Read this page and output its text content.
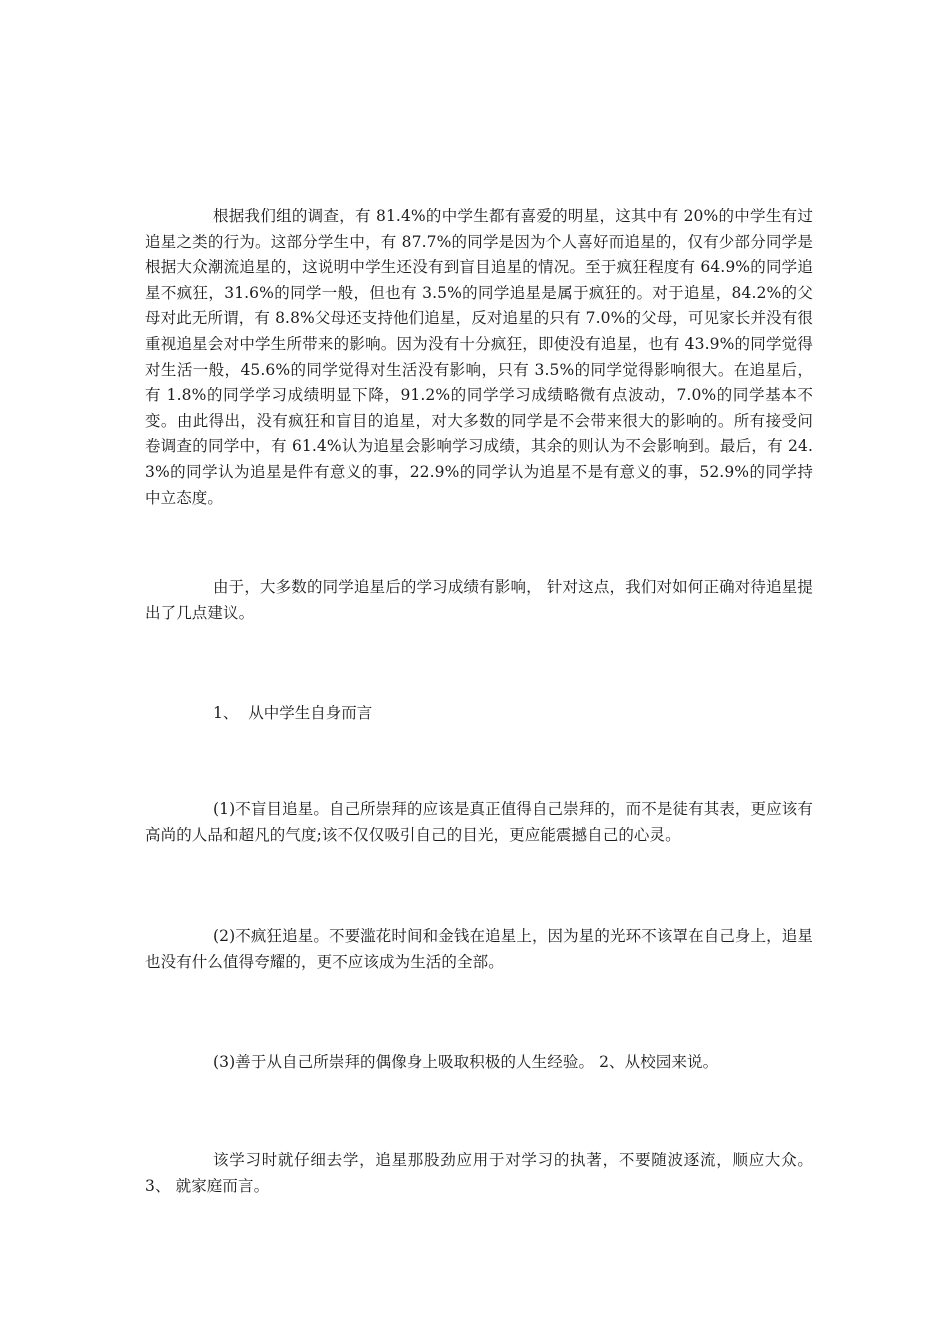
根据我们组的调查，有 81.4%的中学生都有喜爱的明星，这其中有 20%的中学生有过追星之类的行为。这部分学生中，有 87.7%的同学是因为个人喜好而追星的，仅有少部分同学是根据大众潮流追星的，这说明中学生还没有到盲目追星的情况。至于疯狂程度有 64.9%的同学追星不疯狂，31.6%的同学一般，但也有 3.5%的同学追星是属于疯狂的。对于追星，84.2%的父母对此无所谓，有 8.8%父母还支持他们追星，反对追星的只有 7.0%的父母，可见家长并没有很重视追星会对中学生所带来的影响。因为没有十分疯狂，即使没有追星，也有 43.9%的同学觉得对生活一般，45.6%的同学觉得对生活没有影响，只有 3.5%的同学觉得影响很大。在追星后，有 1.8%的同学学习成绩明显下降，91.2%的同学学习成绩略微有点波动，7.0%的同学基本不变。由此得出，没有疯狂和盲目的追星，对大多数的同学是不会带来很大的影响的。所有接受问卷调查的同学中，有 61.4%认为追星会影响学习成绩，其余的则认为不会影响到。最后，有 24.3%的同学认为追星是件有意义的事，22.9%的同学认为追星不是有意义的事，52.9%的同学持中立态度。

由于，大多数的同学追星后的学习成绩有影响， 针对这点，我们对如何正确对待追星提出了几点建议。

1、  从中学生自身而言

(1)不盲目追星。自己所崇拜的应该是真正值得自己崇拜的，而不是徒有其表，更应该有高尚的人品和超凡的气度;该不仅仅吸引自己的目光，更应能震撼自己的心灵。

(2)不疯狂追星。不要滥花时间和金钱在追星上，因为星的光环不该罩在自己身上，追星也没有什么值得夸耀的，更不应该成为生活的全部。

(3)善于从自己所崇拜的偶像身上吸取积极的人生经验。 2、从校园来说。

该学习时就仔细去学，追星那股劲应用于对学习的执著，不要随波逐流，顺应大众。 3、 就家庭而言。
